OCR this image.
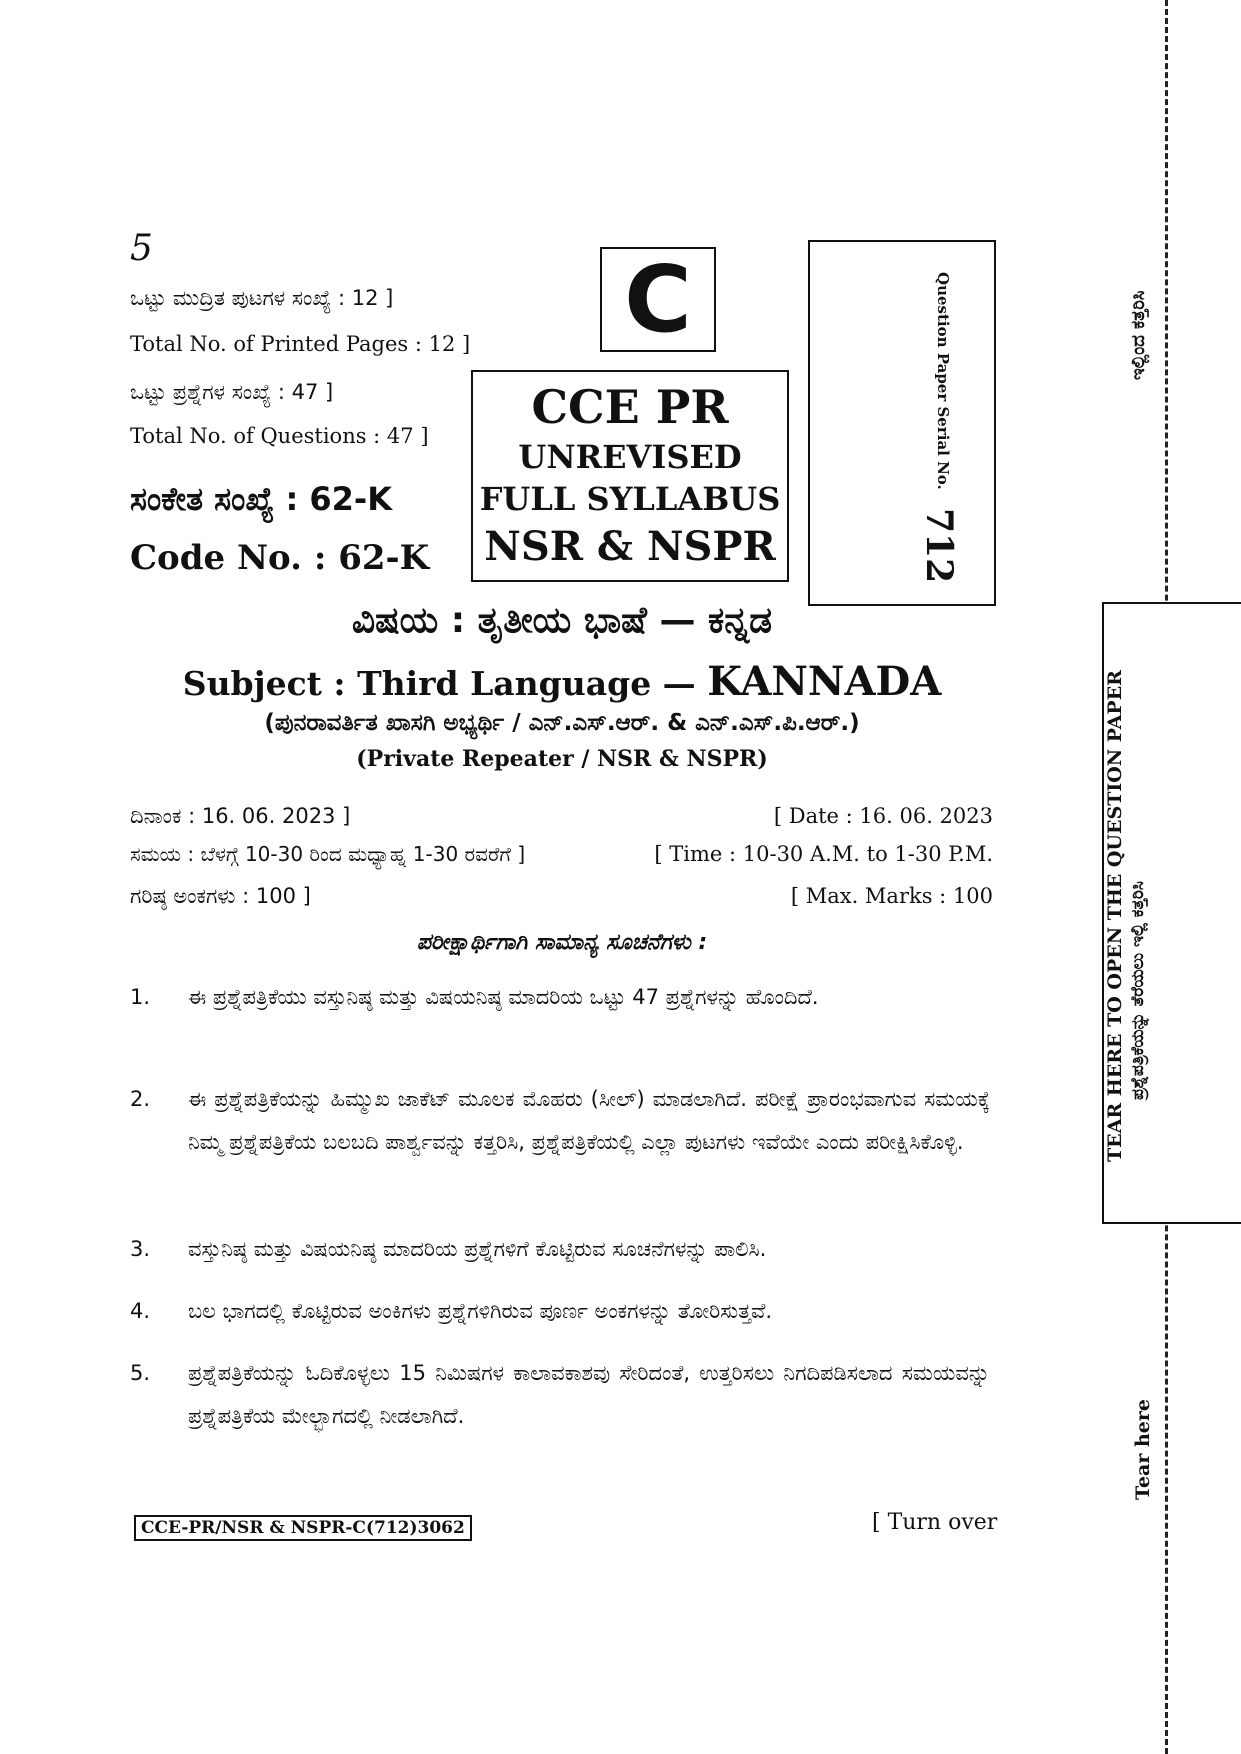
5
ಒಟ್ಟು ಮುದ್ರಿತ ಪುಟಗಳ ಸಂಖ್ಯೆ : 12 ]
Total No. of Printed Pages : 12 ]
ಒಟ್ಟು ಪ್ರಶ್ನೆಗಳ ಸಂಖ್ಯೆ : 47 ]
Total No. of Questions : 47 ]
ಸಂಕೇತ ಸಂಖ್ಯೆ : 62-K
Code No. : 62-K
C
CCE PR
UNREVISED
FULL SYLLABUS
NSR & NSPR
Question Paper Serial No.
712
ವಿಷಯ : ತೃತೀಯ ಭಾಷೆ — ಕನ್ನಡ
Subject : Third Language — KANNADA
(ಪುನರಾವರ್ತಿತ ಖಾಸಗಿ ಅಭ್ಯರ್ಥಿ / ಎನ್.ಎಸ್.ಆರ್. & ಎನ್.ಎಸ್.ಪಿ.ಆರ್.)
(Private Repeater / NSR & NSPR)
ದಿನಾಂಕ : 16. 06. 2023 ]	[ Date : 16. 06. 2023
ಸಮಯ : ಬೆಳಗ್ಗೆ 10-30 ರಿಂದ ಮಧ್ಯಾಹ್ನ 1-30 ರವರೆಗೆ ]	[ Time : 10-30 A.M. to 1-30 P.M.
ಗರಿಷ್ಠ ಅಂಕಗಳು : 100 ]	[ Max. Marks : 100
ಪರೀಕ್ಷಾರ್ಥಿಗಾಗಿ ಸಾಮಾನ್ಯ ಸೂಚನೆಗಳು :
1. ಈ ಪ್ರಶ್ನೆಪತ್ರಿಕೆಯು ವಸ್ತುನಿಷ್ಠ ಮತ್ತು ವಿಷಯನಿಷ್ಠ ಮಾದರಿಯ ಒಟ್ಟು 47 ಪ್ರಶ್ನೆಗಳನ್ನು ಹೊಂದಿದೆ.
2. ಈ ಪ್ರಶ್ನೆಪತ್ರಿಕೆಯನ್ನು ಹಿಮ್ಮುಖ ಜಾಕೆಟ್ ಮೂಲಕ ಮೊಹರು (ಸೀಲ್) ಮಾಡಲಾಗಿದೆ. ಪರೀಕ್ಷೆ ಪ್ರಾರಂಭವಾಗುವ ಸಮಯಕ್ಕೆ ನಿಮ್ಮ ಪ್ರಶ್ನೆಪತ್ರಿಕೆಯ ಬಲಬದಿ ಪಾರ್ಶ್ವವನ್ನು ಕತ್ತರಿಸಿ, ಪ್ರಶ್ನೆಪತ್ರಿಕೆಯಲ್ಲಿ ಎಲ್ಲಾ ಪುಟಗಳು ಇವೆಯೇ ಎಂದು ಪರೀಕ್ಷಿಸಿಕೊಳ್ಳಿ.
3. ವಸ್ತುನಿಷ್ಠ ಮತ್ತು ವಿಷಯನಿಷ್ಠ ಮಾದರಿಯ ಪ್ರಶ್ನೆಗಳಿಗೆ ಕೊಟ್ಟಿರುವ ಸೂಚನೆಗಳನ್ನು ಪಾಲಿಸಿ.
4. ಬಲ ಭಾಗದಲ್ಲಿ ಕೊಟ್ಟಿರುವ ಅಂಕಿಗಳು ಪ್ರಶ್ನೆಗಳಿಗಿರುವ ಪೂರ್ಣ ಅಂಕಗಳನ್ನು ತೋರಿಸುತ್ತವೆ.
5. ಪ್ರಶ್ನೆಪತ್ರಿಕೆಯನ್ನು ಓದಿಕೊಳ್ಳಲು 15 ನಿಮಿಷಗಳ ಕಾಲಾವಕಾಶವು ಸೇರಿದಂತೆ, ಉತ್ತರಿಸಲು ನಿಗದಿಪಡಿಸಲಾದ ಸಮಯವನ್ನು ಪ್ರಶ್ನೆಪತ್ರಿಕೆಯ ಮೇಲ್ಭಾಗದಲ್ಲಿ ನೀಡಲಾಗಿದೆ.
CCE-PR/NSR & NSPR-C(712)3062	[ Turn over
ಇಲ್ಲಿಂದ ಕತ್ತರಿಸಿ
TEAR HERE TO OPEN THE QUESTION PAPER ಪ್ರಶ್ನೆಪತ್ರಿಕೆಯನ್ನು ತೆರೆಯಲು ಇಲ್ಲಿ ಕತ್ತರಿಸಿ
Tear here
